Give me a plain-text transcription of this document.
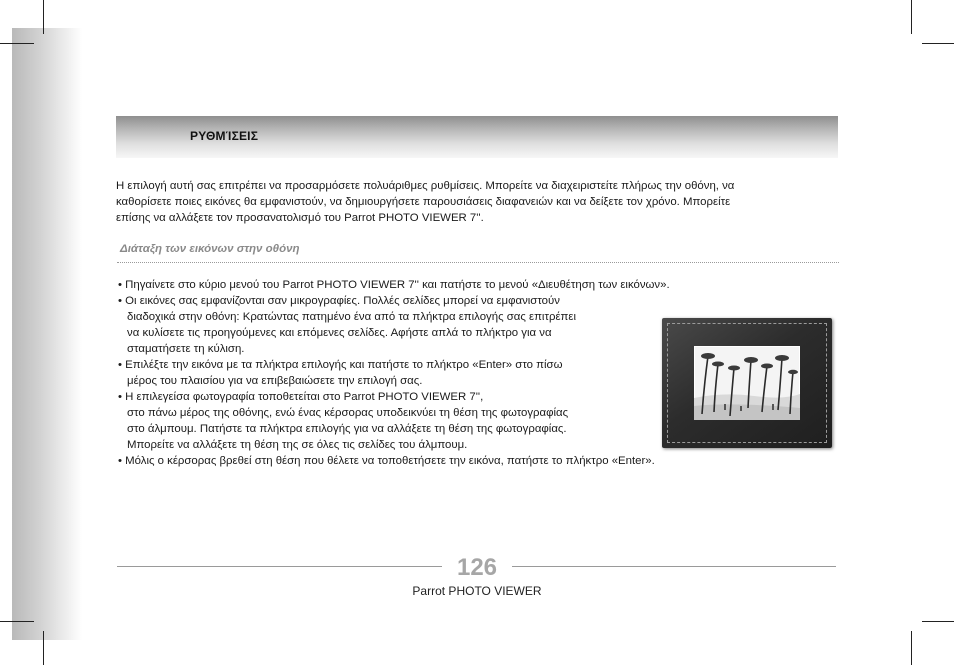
ΡΥΘΜΊΣΕΙΣ

Η επιλογή αυτή σας επιτρέπει να προσαρμόσετε πολυάριθμες ρυθμίσεις. Μπορείτε να διαχειριστείτε πλήρως την οθόνη, να
καθορίσετε ποιες εικόνες θα εμφανιστούν, να δημιουργήσετε παρουσιάσεις διαφανειών και να δείξετε τον χρόνο. Μπορείτε
επίσης να αλλάξετε τον προσανατολισμό του Parrot PHOTO VIEWER 7''.

Διάταξη των εικόνων στην οθόνη
• Πηγαίνετε στο κύριο μενού του Parrot PHOTO VIEWER 7'' και πατήστε το μενού «Διευθέτηση των εικόνων».
• Οι εικόνες σας εμφανίζονται σαν μικρογραφίες. Πολλές σελίδες μπορεί να εμφανιστούν
διαδοχικά στην οθόνη: Κρατώντας πατημένο ένα από τα πλήκτρα επιλογής σας επιτρέπει
να κυλίσετε τις προηγούμενες και επόμενες σελίδες. Αφήστε απλά το πλήκτρο για να
σταματήσετε τη κύλιση.
• Επιλέξτε την εικόνα με τα πλήκτρα επιλογής και πατήστε το πλήκτρο «Enter» στο πίσω
μέρος του πλαισίου για να επιβεβαιώσετε την επιλογή σας.
• Η επιλεγείσα φωτογραφία τοποθετείται στο Parrot PHOTO VIEWER 7'',
στο πάνω μέρος της οθόνης, ενώ ένας κέρσορας υποδεικνύει τη θέση της φωτογραφίας
στο άλμπουμ. Πατήστε τα πλήκτρα επιλογής για να αλλάξετε τη θέση της φωτογραφίας.
Μπορείτε να αλλάξετε τη θέση της σε όλες τις σελίδες του άλμπουμ.
• Μόλις ο κέρσορας βρεθεί στη θέση που θέλετε να τοποθετήσετε την εικόνα, πατήστε το πλήκτρο «Enter».
126
Parrot PHOTO VIEWER
